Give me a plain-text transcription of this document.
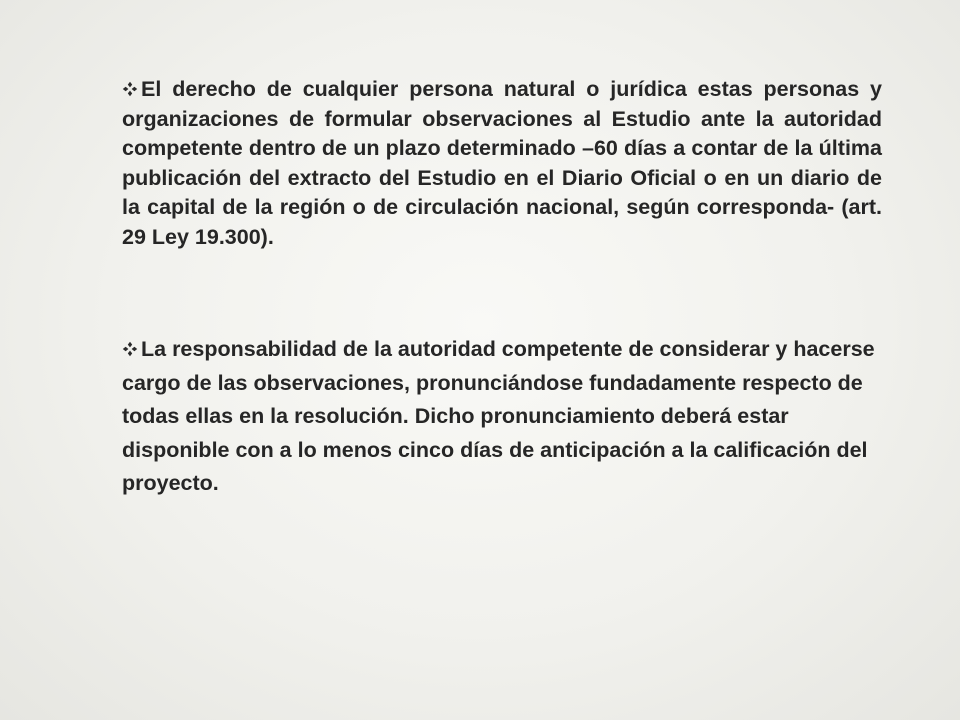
El derecho de cualquier persona natural o jurídica estas personas y organizaciones de formular observaciones al Estudio ante la autoridad competente dentro de un plazo determinado –60 días a contar de la última publicación del extracto del Estudio en el Diario Oficial o en un diario de la capital de la región o de circulación nacional, según corresponda- (art. 29 Ley 19.300).
La responsabilidad de la autoridad competente de considerar y hacerse cargo de las observaciones, pronunciándose fundadamente respecto de todas ellas en la resolución. Dicho pronunciamiento deberá estar disponible con a lo menos cinco días de anticipación a la calificación del proyecto.
